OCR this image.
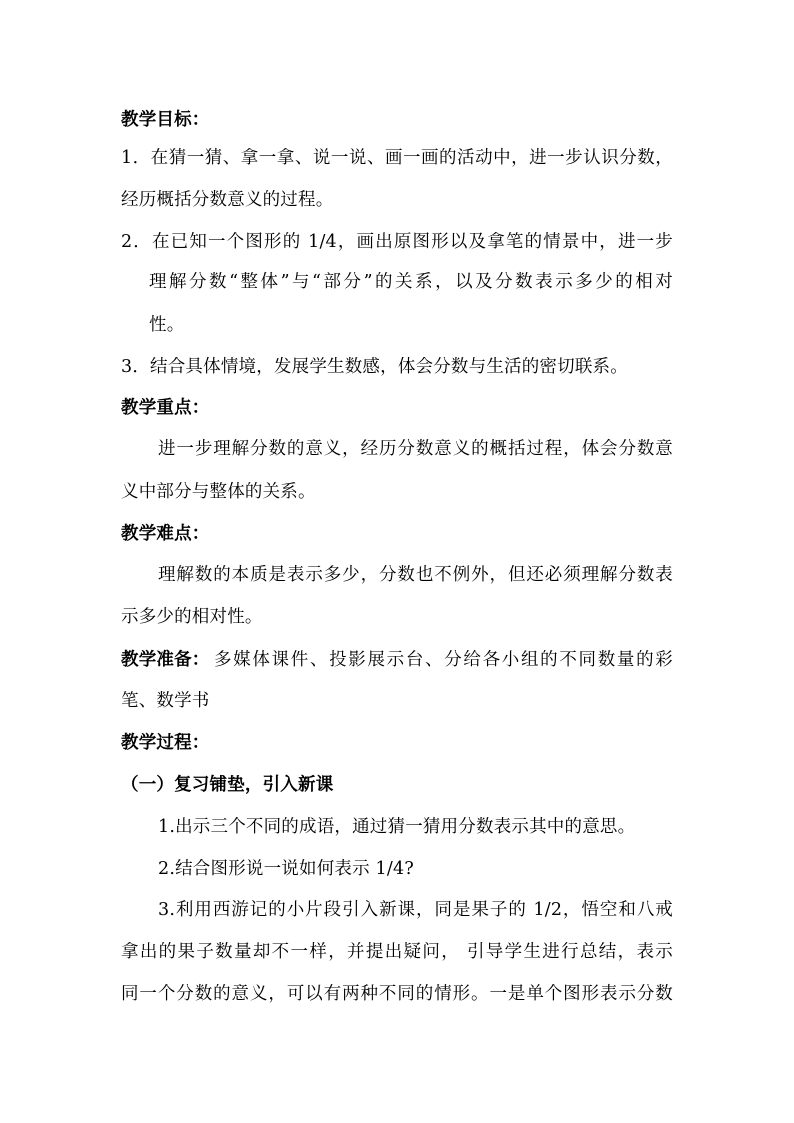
教学目标：
1．在猜一猜、拿一拿、说一说、画一画的活动中，进一步认识分数，
经历概括分数意义的过程。
2．在已知一个图形的 1/4，画出原图形以及拿笔的情景中，进一步
理解分数“整体”与“部分”的关系，以及分数表示多少的相对
性。
3．结合具体情境，发展学生数感，体会分数与生活的密切联系。
教学重点：
进一步理解分数的意义，经历分数意义的概括过程，体会分数意
义中部分与整体的关系。
教学难点：
理解数的本质是表示多少，分数也不例外，但还必须理解分数表
示多少的相对性。
教学准备： 多媒体课件、投影展示台、分给各小组的不同数量的彩
笔、数学书
教学过程：
（一）复习铺垫，引入新课
1.出示三个不同的成语，通过猜一猜用分数表示其中的意思。
2.结合图形说一说如何表示 1/4?
3.利用西游记的小片段引入新课，同是果子的 1/2，悟空和八戒
拿出的果子数量却不一样，并提出疑问， 引导学生进行总结，表示
同一个分数的意义，可以有两种不同的情形。一是单个图形表示分数
